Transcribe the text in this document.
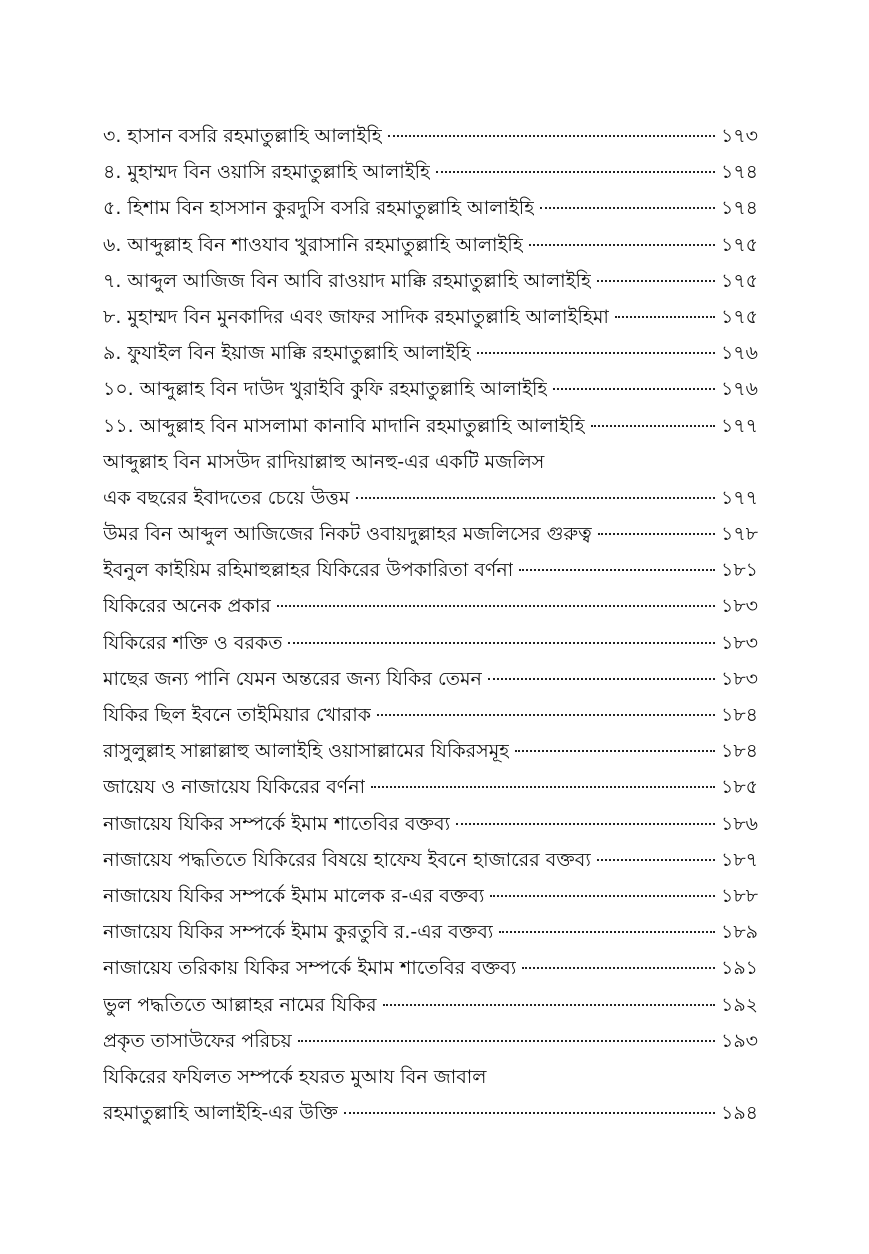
৩. হাসান বসরি রহমাতুল্লাহি আলাইহি	১৭৩
৪. মুহাম্মদ বিন ওয়াসি রহমাতুল্লাহি আলাইহি	১৭৪
৫. হিশাম বিন হাসসান কুরদুসি বসরি রহমাতুল্লাহি আলাইহি	১৭৪
৬. আব্দুল্লাহ বিন শাওযাব খুরাসানি রহমাতুল্লাহি আলাইহি	১৭৫
৭. আব্দুল আজিজ বিন আবি রাওয়াদ মাক্কি রহমাতুল্লাহি আলাইহি	১৭৫
৮. মুহাম্মদ বিন মুনকাদির এবং জাফর সাদিক রহমাতুল্লাহি আলাইহিমা	১৭৫
৯. ফুযাইল বিন ইয়াজ মাক্কি রহমাতুল্লাহি আলাইহি	১৭৬
১০. আব্দুল্লাহ বিন দাউদ খুরাইবি কুফি রহমাতুল্লাহি আলাইহি	১৭৬
১১. আব্দুল্লাহ বিন মাসলামা কানাবি মাদানি রহমাতুল্লাহি আলাইহি	১৭৭
আব্দুল্লাহ বিন মাসউদ রাদিয়াল্লাহু আনহু-এর একটি মজলিস
এক বছরের ইবাদতের চেয়ে উত্তম	১৭৭
উমর বিন আব্দুল আজিজের নিকট ওবায়দুল্লাহর মজলিসের গুরুত্ব	১৭৮
ইবনুল কাইয়িম রহিমাহুল্লাহর যিকিরের উপকারিতা বর্ণনা	১৮১
যিকিরের অনেক প্রকার	১৮৩
যিকিরের শক্তি ও বরকত	১৮৩
মাছের জন্য পানি যেমন অন্তরের জন্য যিকির তেমন	১৮৩
যিকির ছিল ইবনে তাইমিয়ার খোরাক	১৮৪
রাসুলুল্লাহ সাল্লাল্লাহু আলাইহি ওয়াসাল্লামের যিকিরসমূহ	১৮৪
জায়েয ও নাজায়েয যিকিরের বর্ণনা	১৮৫
নাজায়েয যিকির সম্পর্কে ইমাম শাতেবির বক্তব্য	১৮৬
নাজায়েয পদ্ধতিতে যিকিরের বিষয়ে হাফেয ইবনে হাজারের বক্তব্য	১৮৭
নাজায়েয যিকির সম্পর্কে ইমাম মালেক র-এর বক্তব্য	১৮৮
নাজায়েয যিকির সম্পর্কে ইমাম কুরতুবি র.-এর বক্তব্য	১৮৯
নাজায়েয তরিকায় যিকির সম্পর্কে ইমাম শাতেবির বক্তব্য	১৯১
ভুল পদ্ধতিতে আল্লাহর নামের যিকির	১৯২
প্রকৃত তাসাউফের পরিচয়	১৯৩
যিকিরের ফযিলত সম্পর্কে হযরত মুআয বিন জাবাল
রহমাতুল্লাহি আলাইহি-এর উক্তি	১৯৪
